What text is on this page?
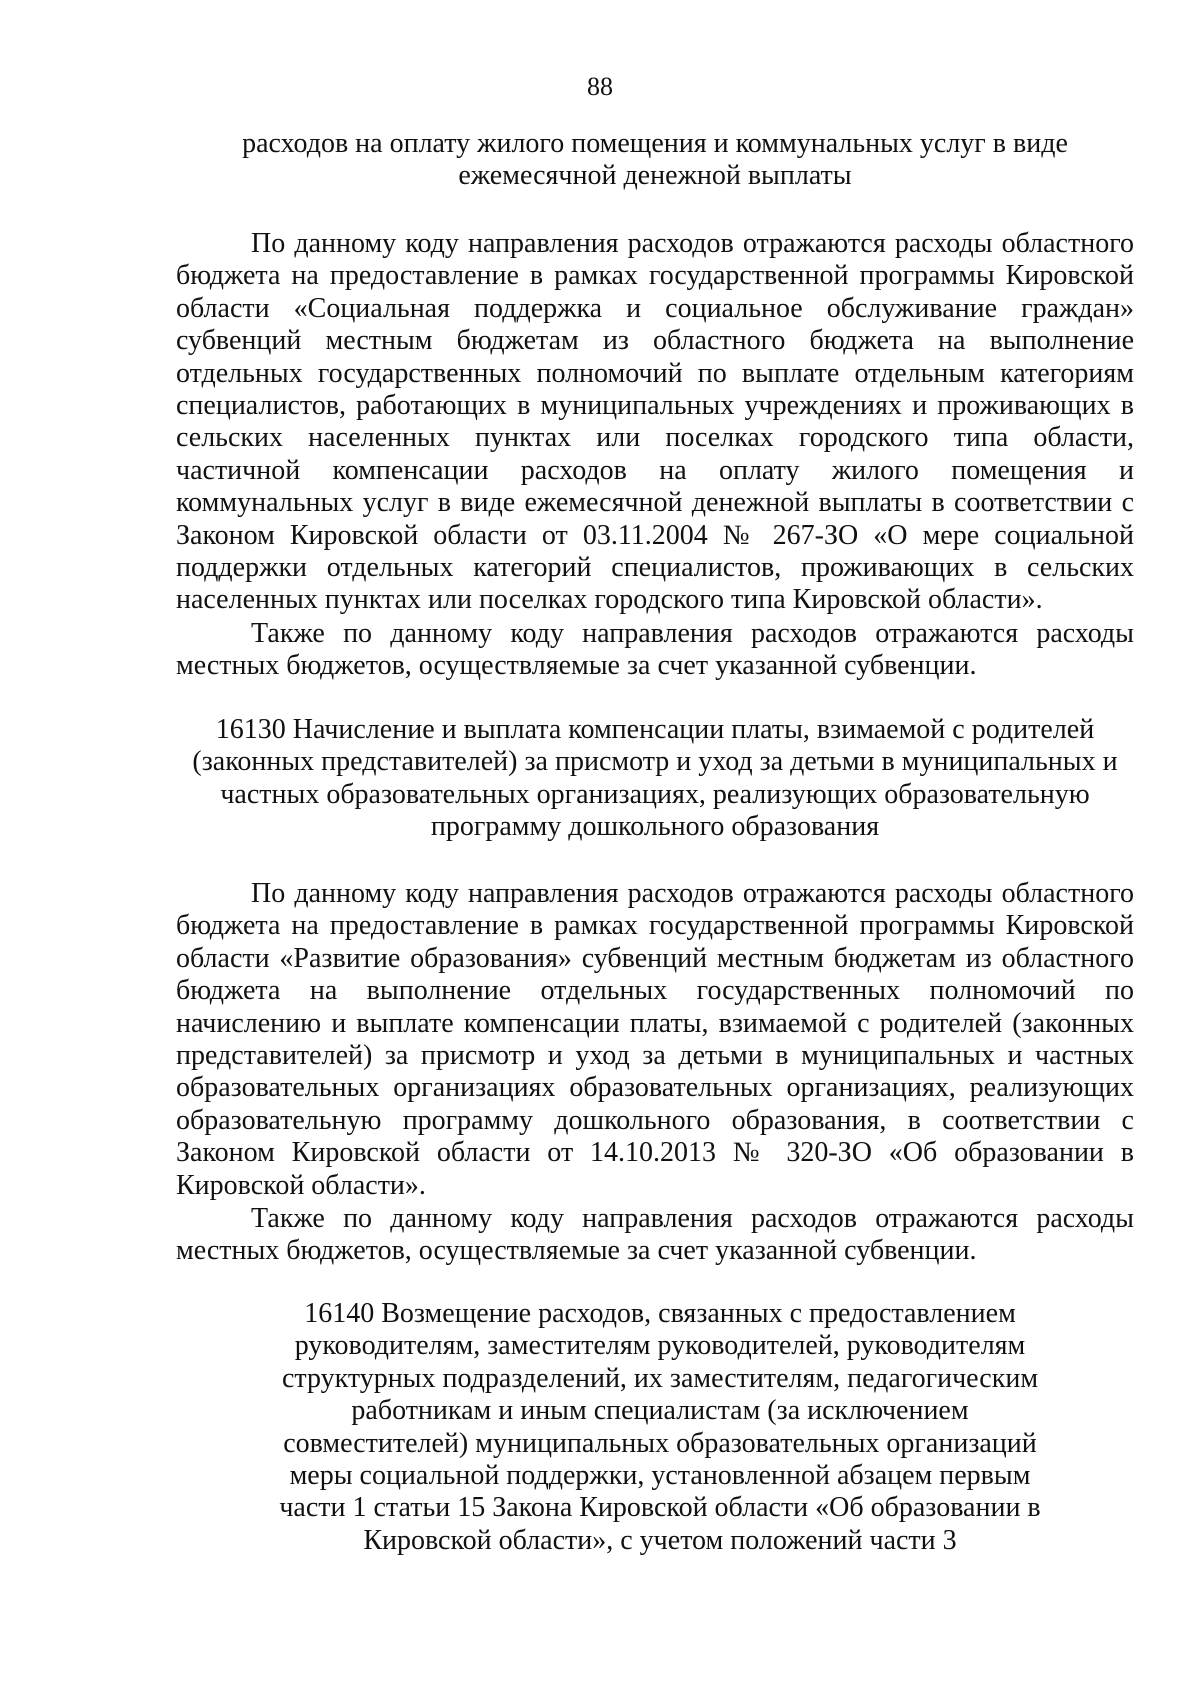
88
расходов на оплату жилого помещения и коммунальных услуг в виде ежемесячной денежной выплаты

По данному коду направления расходов отражаются расходы областного бюджета на предоставление в рамках государственной программы Кировской области «Социальная поддержка и социальное обслуживание граждан» субвенций местным бюджетам из областного бюджета на выполнение отдельных государственных полномочий по выплате отдельным категориям специалистов, работающих в муниципальных учреждениях и проживающих в сельских населенных пунктах или поселках городского типа области, частичной компенсации расходов на оплату жилого помещения и коммунальных услуг в виде ежемесячной денежной выплаты в соответствии с Законом Кировской области от 03.11.2004 № 267-ЗО «О мере социальной поддержки отдельных категорий специалистов, проживающих в сельских населенных пунктах или поселках городского типа Кировской области».

Также по данному коду направления расходов отражаются расходы местных бюджетов, осуществляемые за счет указанной субвенции.

16130 Начисление и выплата компенсации платы, взимаемой с родителей (законных представителей) за присмотр и уход за детьми в муниципальных и частных образовательных организациях, реализующих образовательную программу дошкольного образования

По данному коду направления расходов отражаются расходы областного бюджета на предоставление в рамках государственной программы Кировской области «Развитие образования» субвенций местным бюджетам из областного бюджета на выполнение отдельных государственных полномочий по начислению и выплате компенсации платы, взимаемой с родителей (законных представителей) за присмотр и уход за детьми в муниципальных и частных образовательных организациях образовательных организациях, реализующих образовательную программу дошкольного образования, в соответствии с Законом Кировской области от 14.10.2013 № 320-ЗО «Об образовании в Кировской области».

Также по данному коду направления расходов отражаются расходы местных бюджетов, осуществляемые за счет указанной субвенции.

16140 Возмещение расходов, связанных с предоставлением руководителям, заместителям руководителей, руководителям структурных подразделений, их заместителям, педагогическим работникам и иным специалистам (за исключением совместителей) муниципальных образовательных организаций меры социальной поддержки, установленной абзацем первым части 1 статьи 15 Закона Кировской области «Об образовании в Кировской области», с учетом положений части 3
